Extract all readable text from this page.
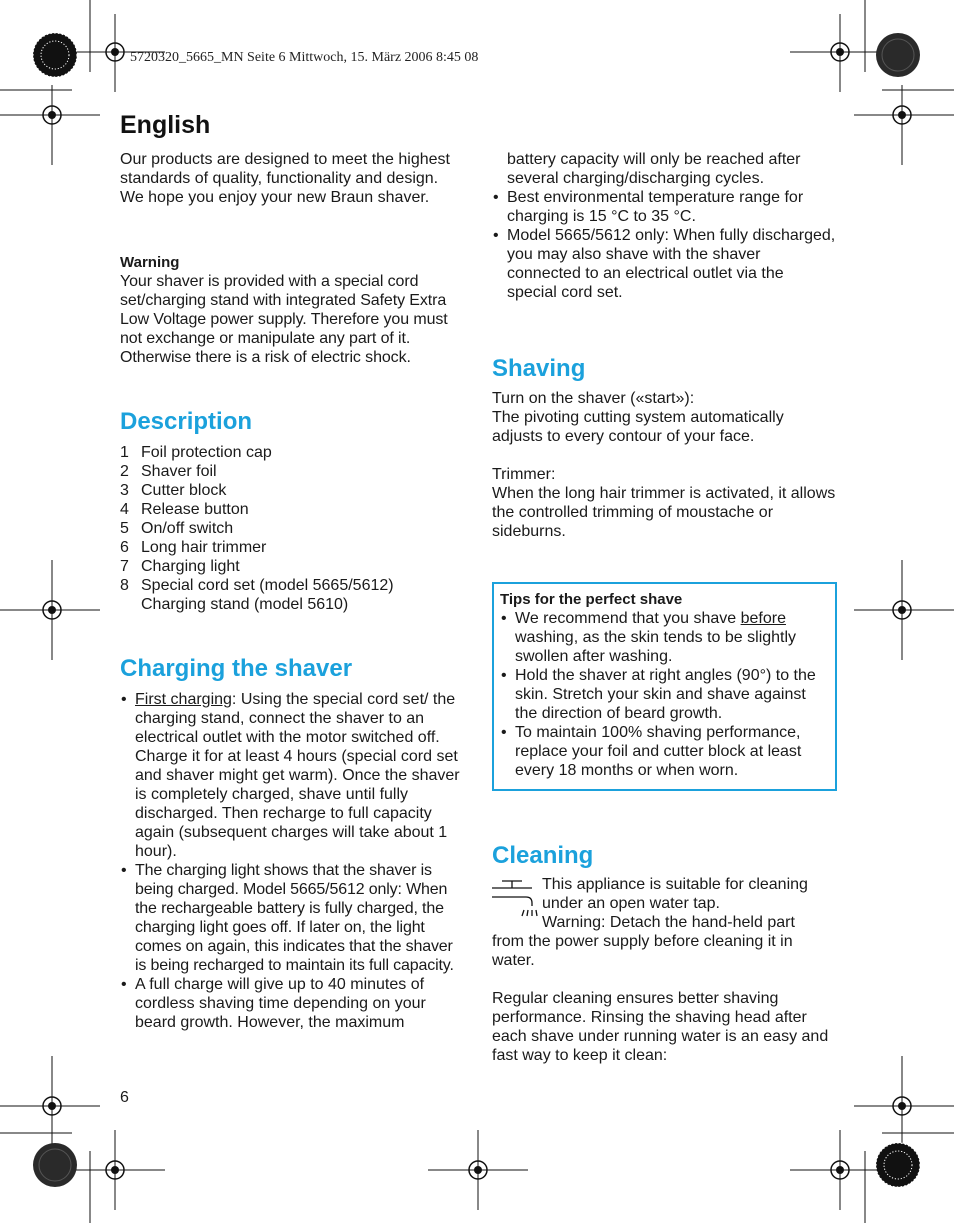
5720320_5665_MN Seite 6 Mittwoch, 15. März 2006 8:45 08
English

Our products are designed to meet the highest standards of quality, functionality and design. We hope you enjoy your new Braun shaver.

Warning

Your shaver is provided with a special cord set/charging stand with integrated Safety Extra Low Voltage power supply. Therefore you must not exchange or manipulate any part of it. Otherwise there is a risk of electric shock.

Description
1 Foil protection cap
2 Shaver foil
3 Cutter block
4 Release button
5 On/off switch
6 Long hair trimmer
7 Charging light
8 Special cord set (model 5665/5612)
Charging stand (model 5610)
Charging the shaver
• First charging: Using the special cord set/ the charging stand, connect the shaver to an electrical outlet with the motor switched off. Charge it for at least 4 hours (special cord set and shaver might get warm). Once the shaver is completely charged, shave until fully discharged. Then recharge to full capacity again (subsequent charges will take about 1 hour).
• The charging light shows that the shaver is being charged. Model 5665/5612 only: When the rechargeable battery is fully charged, the charging light goes off. If later on, the light comes on again, this indicates that the shaver is being recharged to maintain its full capacity.
• A full charge will give up to 40 minutes of cordless shaving time depending on your beard growth. However, the maximum
6

battery capacity will only be reached after several charging/discharging cycles.

• Best environmental temperature range for charging is 15 °C to 35 °C.
• Model 5665/5612 only: When fully discharged, you may also shave with the shaver connected to an electrical outlet via the special cord set.
Shaving

Turn on the shaver («start»):
The pivoting cutting system automatically adjusts to every contour of your face.

Trimmer:
When the long hair trimmer is activated, it allows the controlled trimming of moustache or sideburns.

Tips for the perfect shave
• We recommend that you shave before washing, as the skin tends to be slightly swollen after washing.
• Hold the shaver at right angles (90°) to the skin. Stretch your skin and shave against the direction of beard growth.
• To maintain 100% shaving performance, replace your foil and cutter block at least every 18 months or when worn.
Cleaning

This appliance is suitable for cleaning under an open water tap.
Warning: Detach the hand-held part

from the power supply before cleaning it in water.

Regular cleaning ensures better shaving performance. Rinsing the shaving head after each shave under running water is an easy and fast way to keep it clean:
